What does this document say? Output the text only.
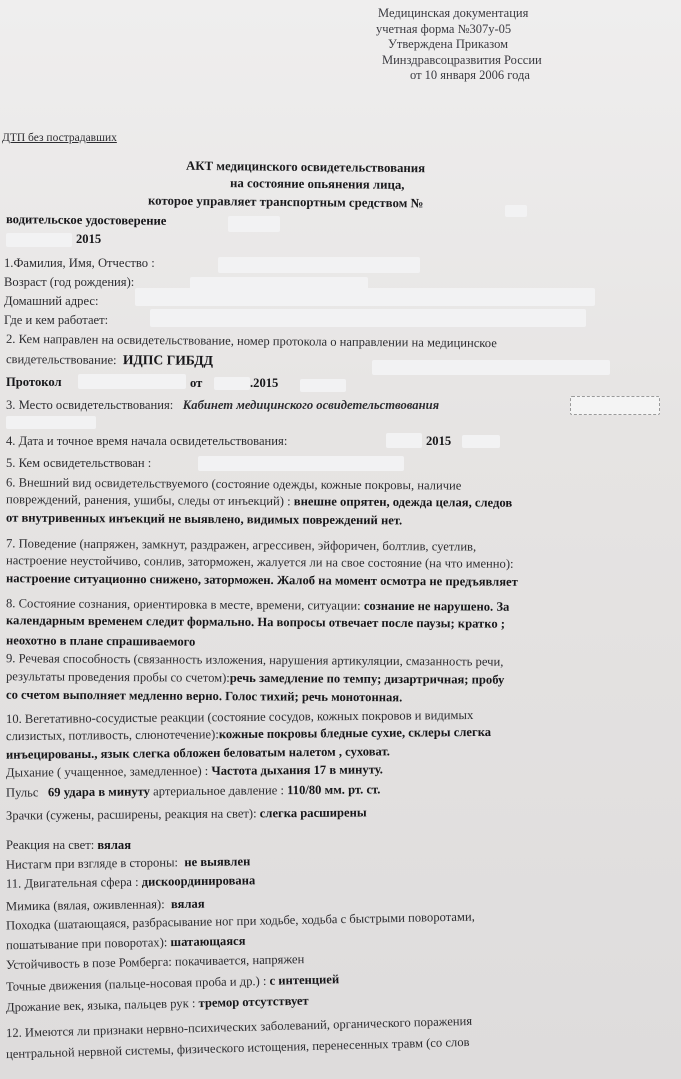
Медицинская документация
учетная форма №307у-05
Утверждена Приказом
Минздравсоцразвития России
от 10 января 2006 года
ДТП без пострадавших
АКТ медицинского освидетельствования
на состояние опьянения лица,
которое управляет транспортным средством №
водительское удостоверение
2015
1.Фамилия, Имя, Отчество :
Возраст (год рождения):
Домашний адрес:
Где и кем работает:
2. Кем направлен на освидетельствование, номер протокола о направлении на медицинское
свидетельствование: ИДПС ГИБДД
Протокол	от	.2015
3. Место освидетельствования: Кабинет медицинского освидетельствования
4. Дата и точное время начала освидетельствования:	2015
5. Кем освидетельствован :
6. Внешний вид освидетельствуемого (состояние одежды, кожные покровы, наличие
повреждений, ранения, ушибы, следы от инъекций) : внешне опрятен, одежда целая, следов
от внутривенных инъекций не выявлено, видимых повреждений нет.
7. Поведение (напряжен, замкнут, раздражен, агрессивен, эйфоричен, болтлив, суетлив,
настроение неустойчиво, сонлив, заторможен, жалуется ли на свое состояние (на что именно):
настроение ситуационно снижено, заторможен. Жалоб на момент осмотра не предъявляет
8. Состояние сознания, ориентировка в месте, времени, ситуации: сознание не нарушено. За
календарным временем следит формально. На вопросы отвечает после паузы; кратко ;
неохотно в плане спрашиваемого
9. Речевая способность (связанность изложения, нарушения артикуляции, смазанность речи,
результаты проведения пробы со счетом):речь замедление по темпу; дизартричная; пробу
со счетом выполняет медленно верно. Голос тихий; речь монотонная.
10. Вегетативно-сосудистые реакции (состояние сосудов, кожных покровов и видимых
слизистых, потливость, слюнотечение):кожные покровы бледные сухие, склеры слегка
инъецированы., язык слегка обложен беловатым налетом , суховат.
Дыхание ( учащенное, замедленное) : Частота дыхания 17 в минуту.
Пульс 69 удара в минуту артериальное давление : 110/80 мм. рт. ст.
Зрачки (сужены, расширены, реакция на свет): слегка расширены
Реакция на свет: вялая
Нистагм при взгляде в стороны: не выявлен
11. Двигательная сфера : дискоординирована
Мимика (вялая, оживленная): вялая
Походка (шатающаяся, разбрасывание ног при ходьбе, ходьба с быстрыми поворотами,
пошатывание при поворотах): шатающаяся
Устойчивость в позе Ромберга: покачивается, напряжен
Точные движения (пальце-носовая проба и др.) : с интенцией
Дрожание век, языка, пальцев рук : тремор отсутствует
12. Имеются ли признаки нервно-психических заболеваний, органического поражения
центральной нервной системы, физического истощения, перенесенных травм (со слов
